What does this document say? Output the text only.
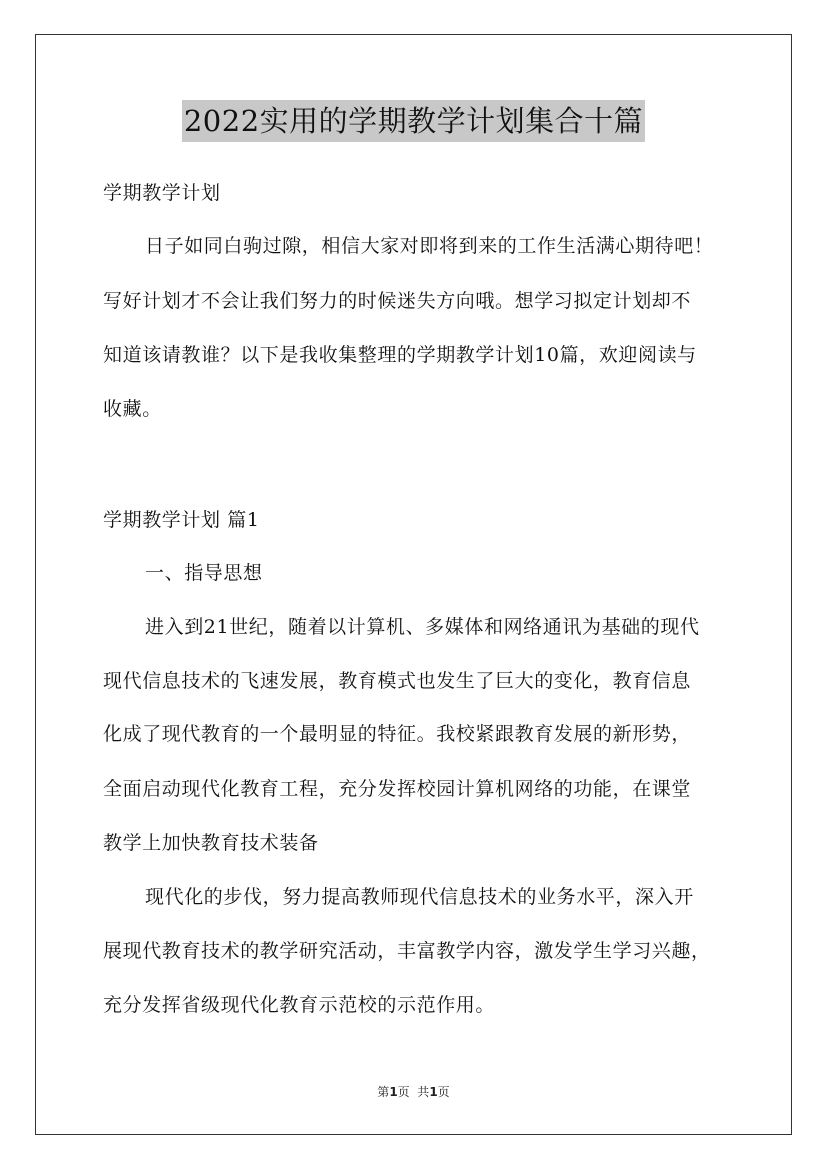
2022实用的学期教学计划集合十篇
学期教学计划
日子如同白驹过隙，相信大家对即将到来的工作生活满心期待吧！
写好计划才不会让我们努力的时候迷失方向哦。想学习拟定计划却不
知道该请教谁？以下是我收集整理的学期教学计划10篇，欢迎阅读与
收藏。
学期教学计划 篇1
一、指导思想
进入到21世纪，随着以计算机、多媒体和网络通讯为基础的现代
现代信息技术的飞速发展，教育模式也发生了巨大的变化，教育信息
化成了现代教育的一个最明显的特征。我校紧跟教育发展的新形势，
全面启动现代化教育工程，充分发挥校园计算机网络的功能，在课堂
教学上加快教育技术装备
现代化的步伐，努力提高教师现代信息技术的业务水平，深入开
展现代教育技术的教学研究活动，丰富教学内容，激发学生学习兴趣，
充分发挥省级现代化教育示范校的示范作用。
第1页  共1页
